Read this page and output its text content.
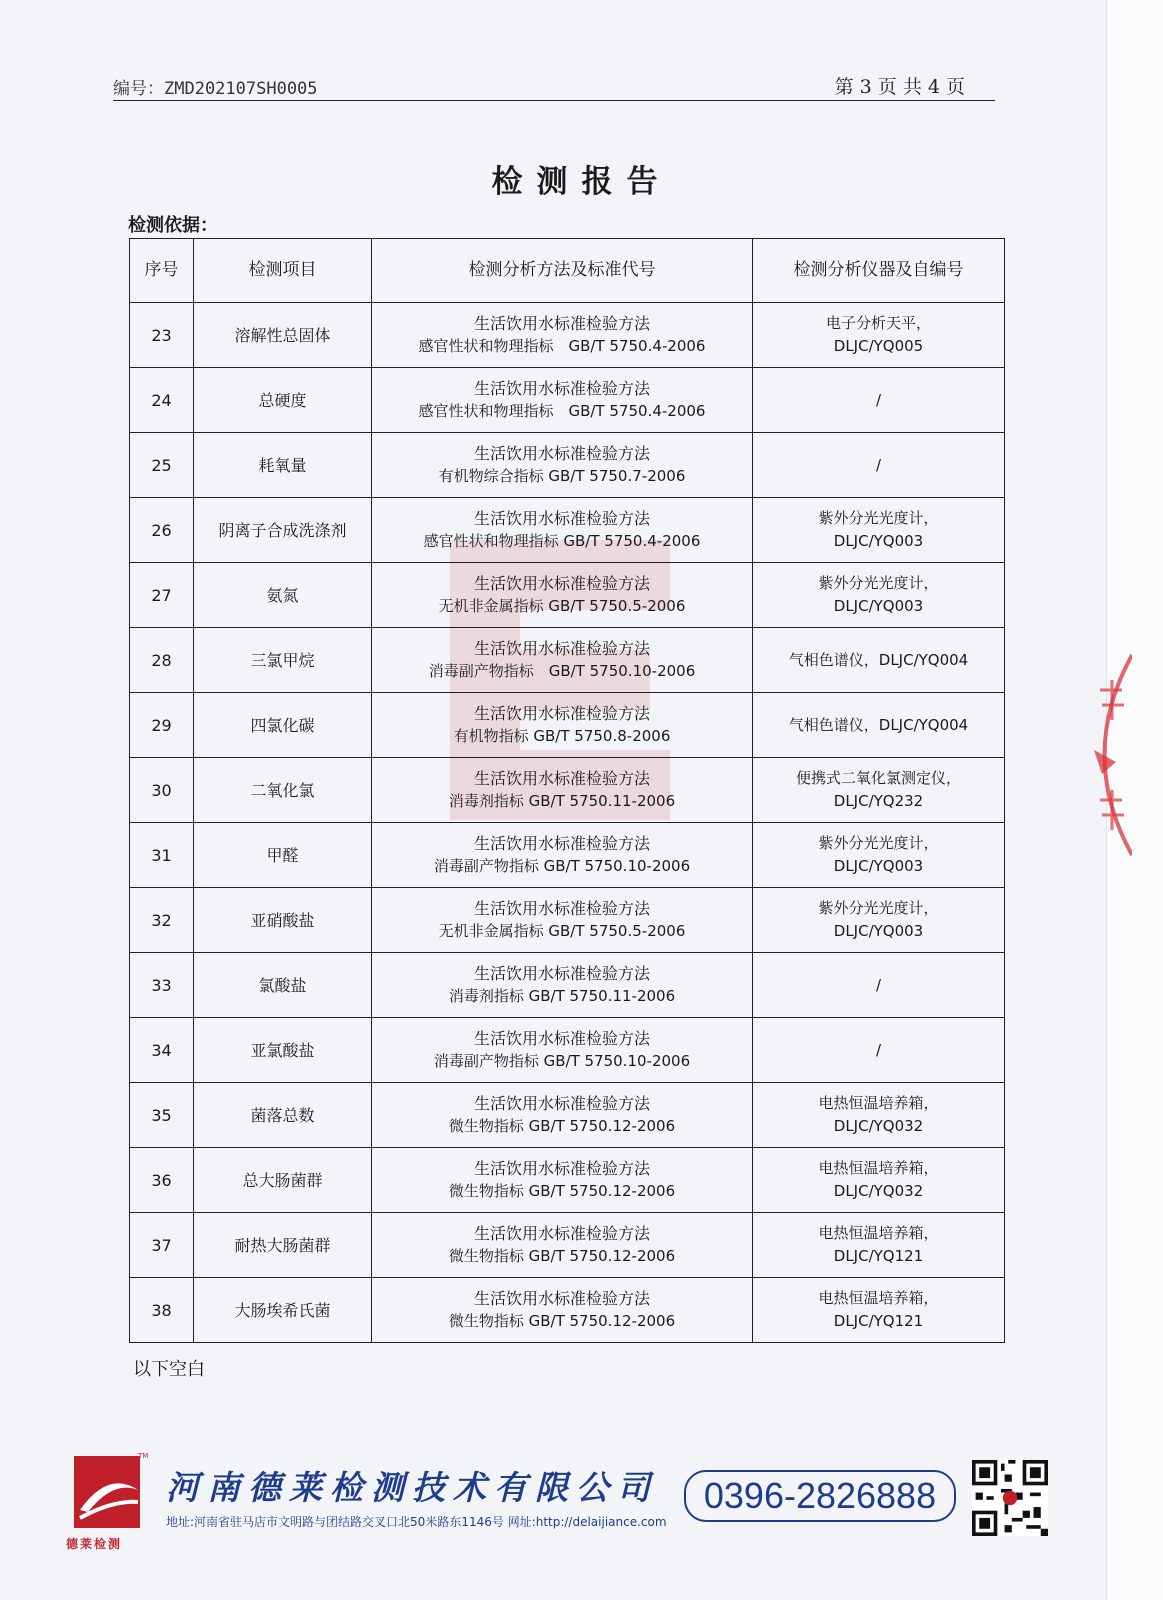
编号：ZMD202107SH0005	第 3 页 共 4 页
检测报告
检测依据：
序号	检测项目	检测分析方法及标准代号	检测分析仪器及自编号
23	溶解性总固体	生活饮用水标准检验方法
感官性状和物理指标　GB/T 5750.4-2006	电子分析天平，
DLJC/YQ005

24	总硬度	生活饮用水标准检验方法
感官性状和物理指标　GB/T 5750.4-2006	/

25	耗氧量	生活饮用水标准检验方法
有机物综合指标 GB/T 5750.7-2006	/

26	阴离子合成洗涤剂	生活饮用水标准检验方法
感官性状和物理指标 GB/T 5750.4-2006	紫外分光光度计，
DLJC/YQ003

27	氨氮	生活饮用水标准检验方法
无机非金属指标 GB/T 5750.5-2006	紫外分光光度计，
DLJC/YQ003

28	三氯甲烷	生活饮用水标准检验方法
消毒副产物指标　GB/T 5750.10-2006	气相色谱仪，DLJC/YQ004

29	四氯化碳	生活饮用水标准检验方法
有机物指标 GB/T 5750.8-2006	气相色谱仪，DLJC/YQ004

30	二氧化氯	生活饮用水标准检验方法
消毒剂指标 GB/T 5750.11-2006	便携式二氧化氯测定仪，
DLJC/YQ232

31	甲醛	生活饮用水标准检验方法
消毒副产物指标 GB/T 5750.10-2006	紫外分光光度计，
DLJC/YQ003

32	亚硝酸盐	生活饮用水标准检验方法
无机非金属指标 GB/T 5750.5-2006	紫外分光光度计，
DLJC/YQ003

33	氯酸盐	生活饮用水标准检验方法
消毒剂指标 GB/T 5750.11-2006	/

34	亚氯酸盐	生活饮用水标准检验方法
消毒副产物指标 GB/T 5750.10-2006	/

35	菌落总数	生活饮用水标准检验方法
微生物指标 GB/T 5750.12-2006	电热恒温培养箱，
DLJC/YQ032

36	总大肠菌群	生活饮用水标准检验方法
微生物指标 GB/T 5750.12-2006	电热恒温培养箱，
DLJC/YQ032

37	耐热大肠菌群	生活饮用水标准检验方法
微生物指标 GB/T 5750.12-2006	电热恒温培养箱，
DLJC/YQ121

38	大肠埃希氏菌	生活饮用水标准检验方法
微生物指标 GB/T 5750.12-2006	电热恒温培养箱，
DLJC/YQ121
以下空白
TM
德莱检测
河南德莱检测技术有限公司
地址:河南省驻马店市文明路与团结路交叉口北50米路东1146号 网址:http://delaijiance.com
0396-2826888
